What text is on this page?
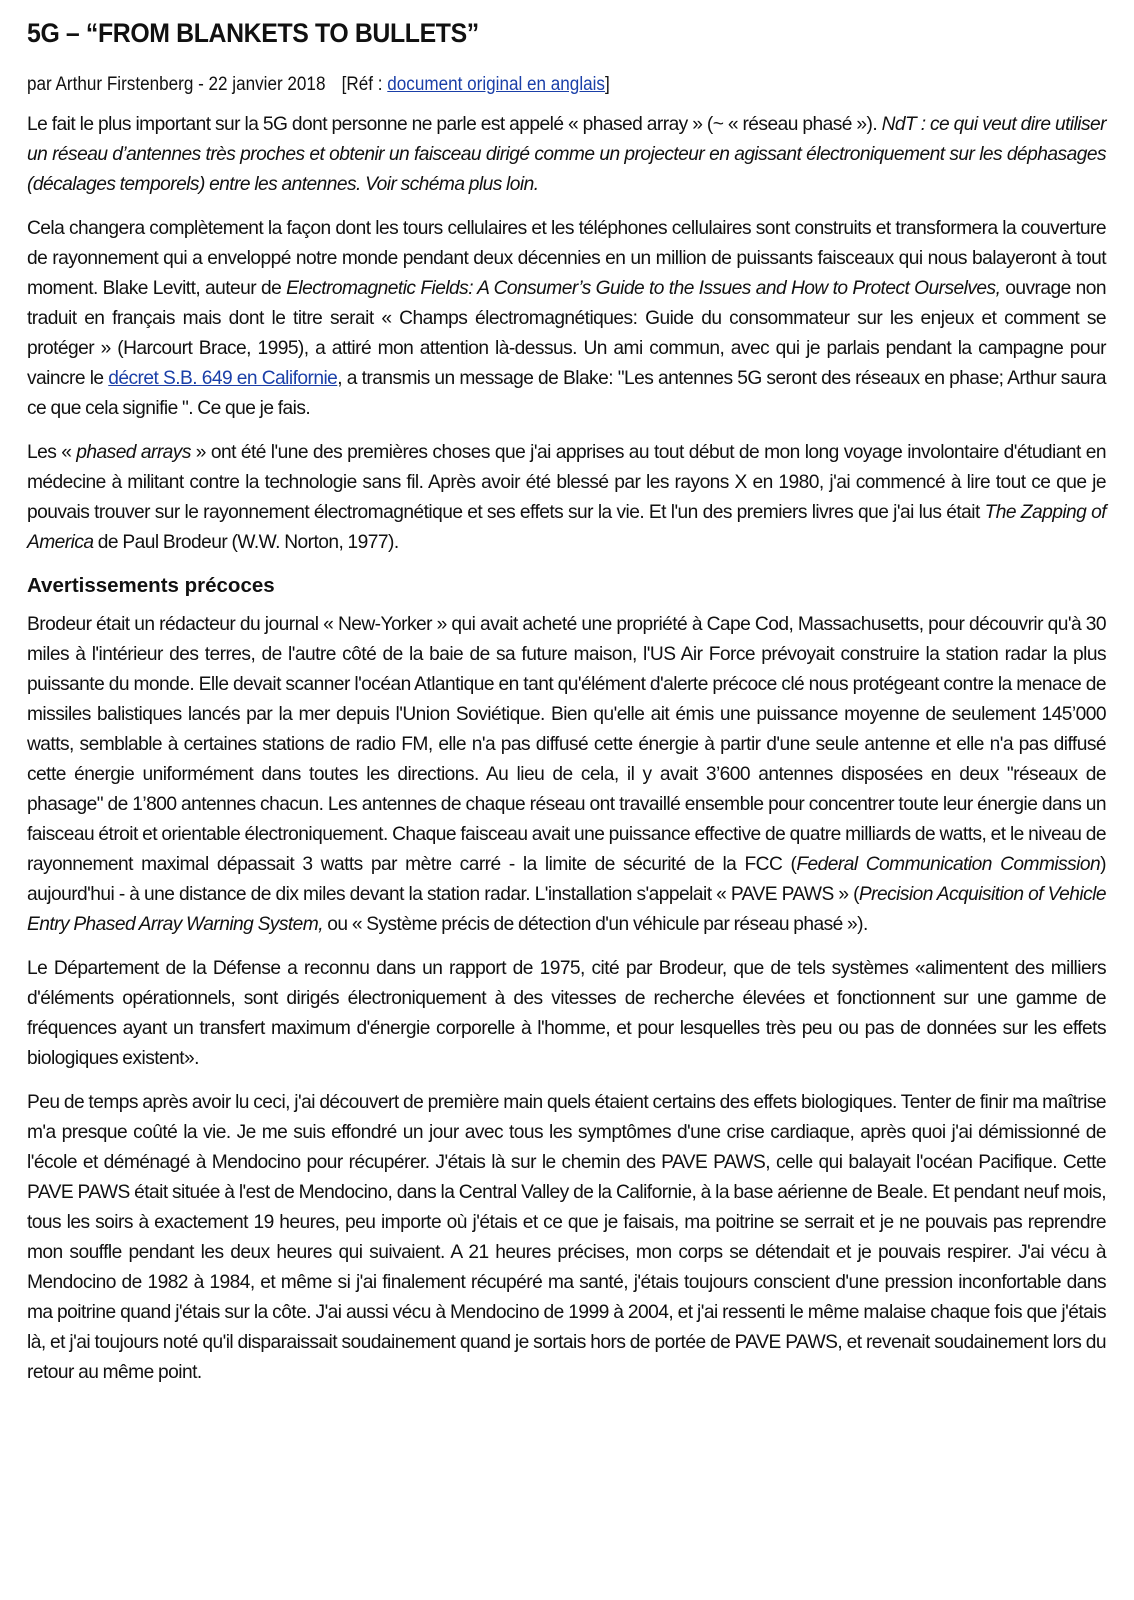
5G – “FROM BLANKETS TO BULLETS”
par Arthur Firstenberg - 22 janvier 2018 [Réf : document original en anglais]

Le fait le plus important sur la 5G dont personne ne parle est appelé « phased array » (~ « réseau phasé »). NdT : ce qui veut dire utiliser un réseau d’antennes très proches et obtenir un faisceau dirigé comme un projecteur en agissant électroniquement sur les déphasages (décalages temporels) entre les antennes. Voir schéma plus loin.

Cela changera complètement la façon dont les tours cellulaires et les téléphones cellulaires sont construits et transformera la couverture de rayonnement qui a enveloppé notre monde pendant deux décennies en un million de puissants faisceaux qui nous balayeront à tout moment. Blake Levitt, auteur de Electromagnetic Fields: A Consumer’s Guide to the Issues and How to Protect Ourselves, ouvrage non traduit en français mais dont le titre serait « Champs électromagnétiques: Guide du consommateur sur les enjeux et comment se protéger » (Harcourt Brace, 1995), a attiré mon attention là-dessus. Un ami commun, avec qui je parlais pendant la campagne pour vaincre le décret S.B. 649 en Californie, a transmis un message de Blake: "Les antennes 5G seront des réseaux en phase; Arthur saura ce que cela signifie ". Ce que je fais.

Les « phased arrays » ont été l'une des premières choses que j'ai apprises au tout début de mon long voyage involontaire d'étudiant en médecine à militant contre la technologie sans fil. Après avoir été blessé par les rayons X en 1980, j'ai commencé à lire tout ce que je pouvais trouver sur le rayonnement électromagnétique et ses effets sur la vie. Et l'un des premiers livres que j'ai lus était The Zapping of America de Paul Brodeur (W.W. Norton, 1977).

Avertissements précoces

Brodeur était un rédacteur du journal « New-Yorker » qui avait acheté une propriété à Cape Cod, Massachusetts, pour découvrir qu'à 30 miles à l'intérieur des terres, de l'autre côté de la baie de sa future maison, l'US Air Force prévoyait construire la station radar la plus puissante du monde. Elle devait scanner l'océan Atlantique en tant qu'élément d'alerte précoce clé nous protégeant contre la menace de missiles balistiques lancés par la mer depuis l'Union Soviétique. Bien qu'elle ait émis une puissance moyenne de seulement 145’000 watts, semblable à certaines stations de radio FM, elle n'a pas diffusé cette énergie à partir d'une seule antenne et elle n'a pas diffusé cette énergie uniformément dans toutes les directions. Au lieu de cela, il y avait 3’600 antennes disposées en deux "réseaux de phasage" de 1’800 antennes chacun. Les antennes de chaque réseau ont travaillé ensemble pour concentrer toute leur énergie dans un faisceau étroit et orientable électroniquement. Chaque faisceau avait une puissance effective de quatre milliards de watts, et le niveau de rayonnement maximal dépassait 3 watts par mètre carré - la limite de sécurité de la FCC (Federal Communication Commission) aujourd'hui - à une distance de dix miles devant la station radar. L'installation s'appelait « PAVE PAWS » (Precision Acquisition of Vehicle Entry Phased Array Warning System, ou « Système précis de détection d'un véhicule par réseau phasé »).

Le Département de la Défense a reconnu dans un rapport de 1975, cité par Brodeur, que de tels systèmes «alimentent des milliers d'éléments opérationnels, sont dirigés électroniquement à des vitesses de recherche élevées et fonctionnent sur une gamme de fréquences ayant un transfert maximum d'énergie corporelle à l'homme, et pour lesquelles très peu ou pas de données sur les effets biologiques existent».

Peu de temps après avoir lu ceci, j'ai découvert de première main quels étaient certains des effets biologiques. Tenter de finir ma maîtrise m'a presque coûté la vie. Je me suis effondré un jour avec tous les symptômes d'une crise cardiaque, après quoi j'ai démissionné de l'école et déménagé à Mendocino pour récupérer. J'étais là sur le chemin des PAVE PAWS, celle qui balayait l'océan Pacifique. Cette PAVE PAWS était située à l'est de Mendocino, dans la Central Valley de la Californie, à la base aérienne de Beale. Et pendant neuf mois, tous les soirs à exactement 19 heures, peu importe où j'étais et ce que je faisais, ma poitrine se serrait et je ne pouvais pas reprendre mon souffle pendant les deux heures qui suivaient. A 21 heures précises, mon corps se détendait et je pouvais respirer. J'ai vécu à Mendocino de 1982 à 1984, et même si j'ai finalement récupéré ma santé, j'étais toujours conscient d'une pression inconfortable dans ma poitrine quand j'étais sur la côte. J'ai aussi vécu à Mendocino de 1999 à 2004, et j'ai ressenti le même malaise chaque fois que j'étais là, et j'ai toujours noté qu'il disparaissait soudainement quand je sortais hors de portée de PAVE PAWS, et revenait soudainement lors du retour au même point.
